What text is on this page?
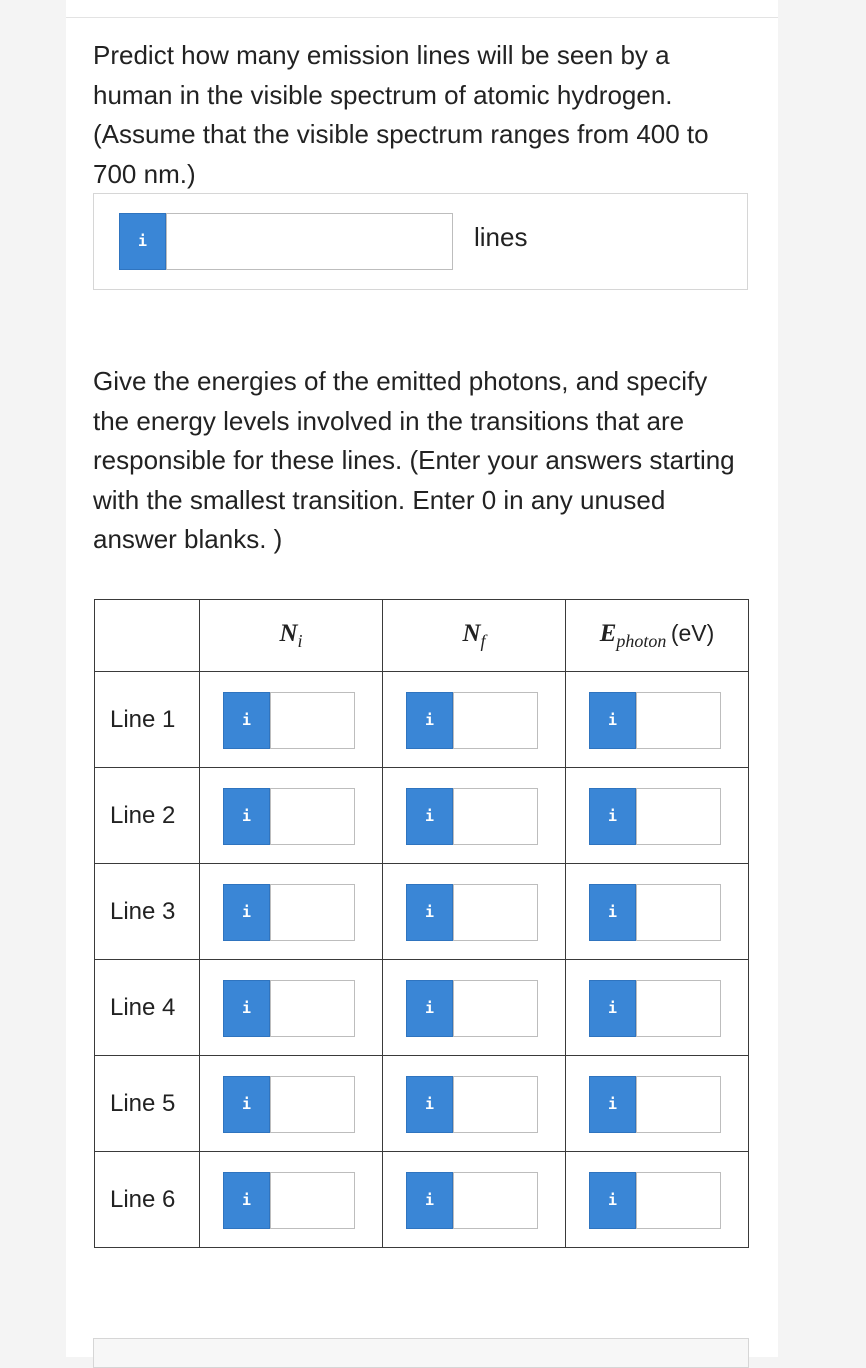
Predict how many emission lines will be seen by a human in the visible spectrum of atomic hydrogen. (Assume that the visible spectrum ranges from 400 to 700 nm.)

i	lines

Give the energies of the emitted photons, and specify the energy levels involved in the transitions that are responsible for these lines. (Enter your answers starting with the smallest transition. Enter 0 in any unused answer blanks. )

	$N_i$	$N_f$	$E_{photon}$ (eV)
Line 1	i	i	i

Line 2	i	i	i

Line 3	i	i	i

Line 4	i	i	i

Line 5	i	i	i

Line 6	i	i	i
